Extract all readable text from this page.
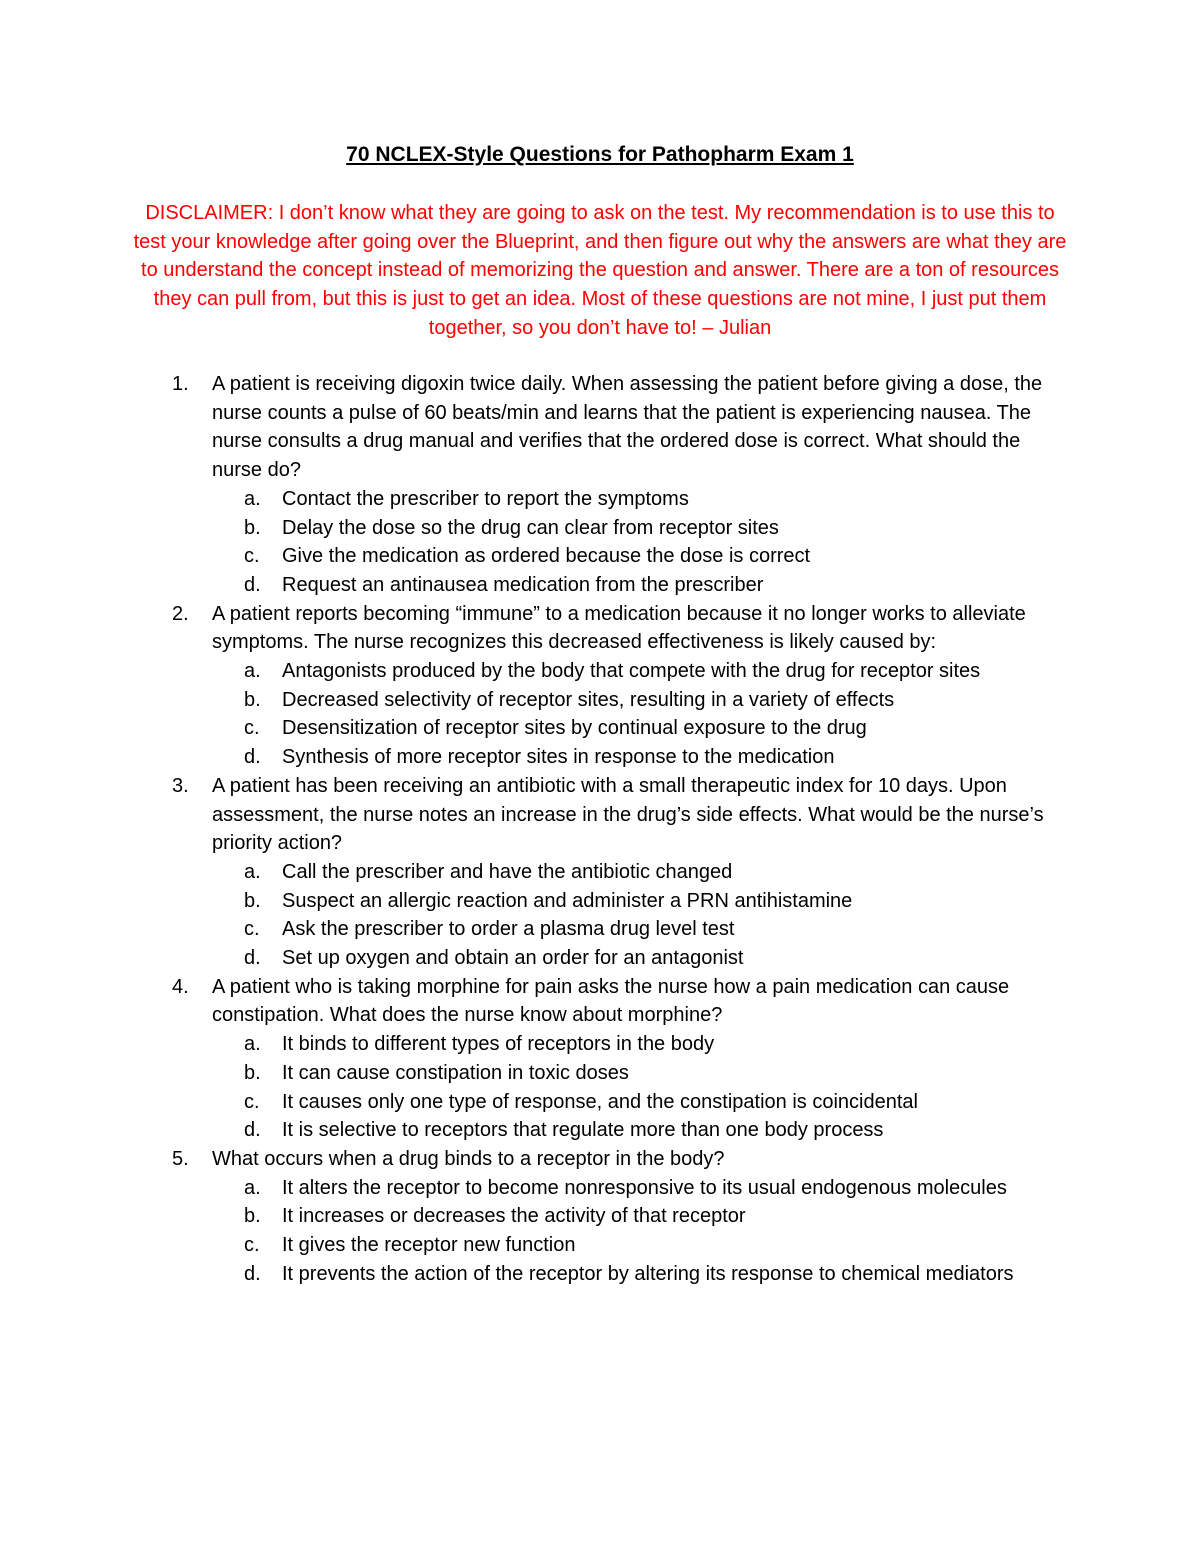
70 NCLEX-Style Questions for Pathopharm Exam 1
DISCLAIMER: I don’t know what they are going to ask on the test. My recommendation is to use this to test your knowledge after going over the Blueprint, and then figure out why the answers are what they are to understand the concept instead of memorizing the question and answer. There are a ton of resources they can pull from, but this is just to get an idea. Most of these questions are not mine, I just put them together, so you don’t have to! – Julian
1. A patient is receiving digoxin twice daily. When assessing the patient before giving a dose, the nurse counts a pulse of 60 beats/min and learns that the patient is experiencing nausea. The nurse consults a drug manual and verifies that the ordered dose is correct. What should the nurse do?
a. Contact the prescriber to report the symptoms
b. Delay the dose so the drug can clear from receptor sites
c. Give the medication as ordered because the dose is correct
d. Request an antinausea medication from the prescriber
2. A patient reports becoming “immune” to a medication because it no longer works to alleviate symptoms. The nurse recognizes this decreased effectiveness is likely caused by:
a. Antagonists produced by the body that compete with the drug for receptor sites
b. Decreased selectivity of receptor sites, resulting in a variety of effects
c. Desensitization of receptor sites by continual exposure to the drug
d. Synthesis of more receptor sites in response to the medication
3. A patient has been receiving an antibiotic with a small therapeutic index for 10 days. Upon assessment, the nurse notes an increase in the drug’s side effects. What would be the nurse’s priority action?
a. Call the prescriber and have the antibiotic changed
b. Suspect an allergic reaction and administer a PRN antihistamine
c. Ask the prescriber to order a plasma drug level test
d. Set up oxygen and obtain an order for an antagonist
4. A patient who is taking morphine for pain asks the nurse how a pain medication can cause constipation. What does the nurse know about morphine?
a. It binds to different types of receptors in the body
b. It can cause constipation in toxic doses
c. It causes only one type of response, and the constipation is coincidental
d. It is selective to receptors that regulate more than one body process
5. What occurs when a drug binds to a receptor in the body?
a. It alters the receptor to become nonresponsive to its usual endogenous molecules
b. It increases or decreases the activity of that receptor
c. It gives the receptor new function
d. It prevents the action of the receptor by altering its response to chemical mediators
